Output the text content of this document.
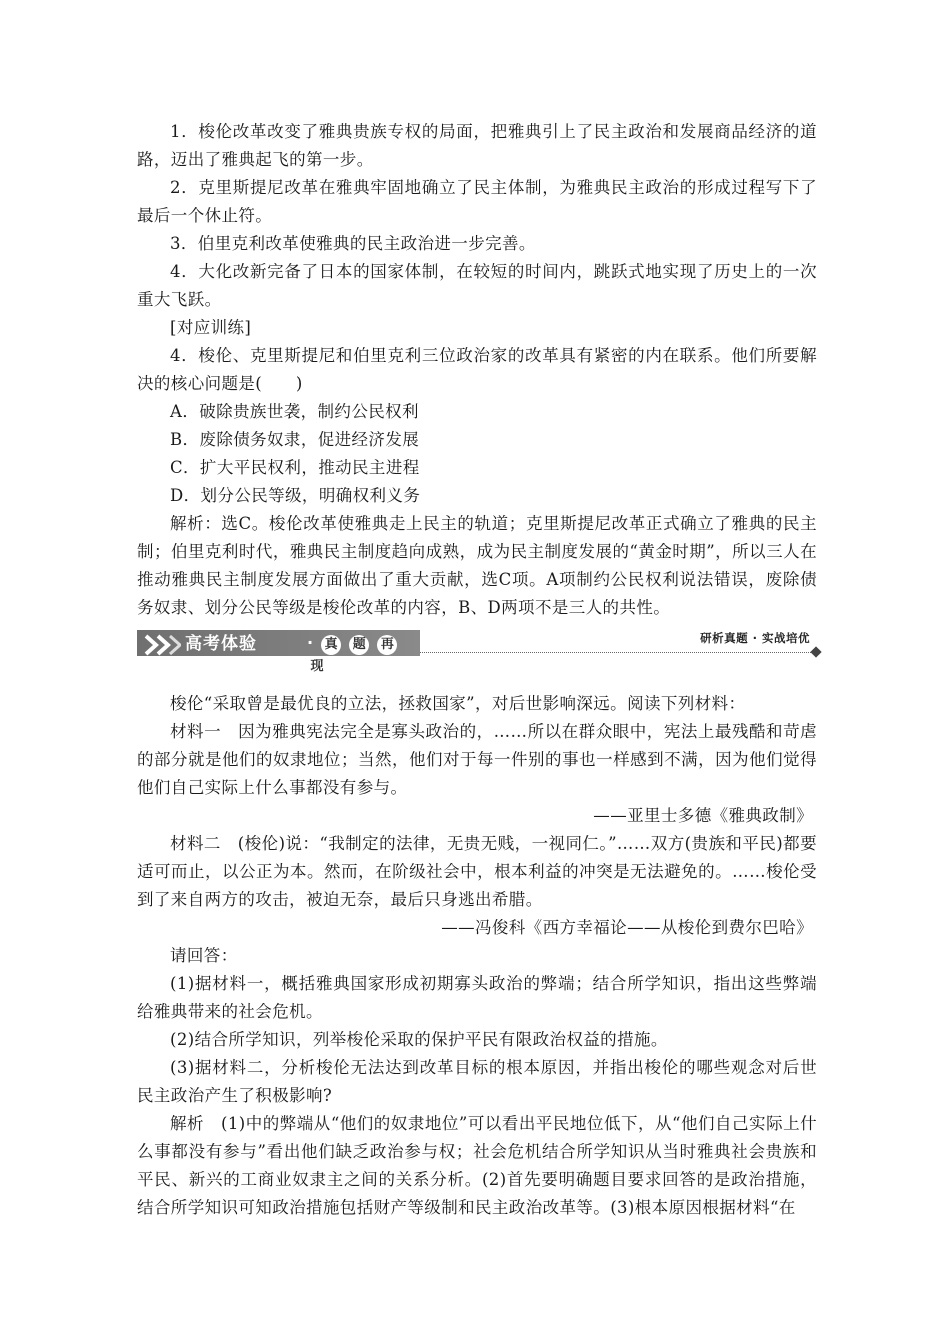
1．梭伦改革改变了雅典贵族专权的局面，把雅典引上了民主政治和发展商品经济的道路，迈出了雅典起飞的第一步。

2．克里斯提尼改革在雅典牢固地确立了民主体制，为雅典民主政治的形成过程写下了最后一个休止符。

3．伯里克利改革使雅典的民主政治进一步完善。

4．大化改新完备了日本的国家体制，在较短的时间内，跳跃式地实现了历史上的一次重大飞跃。

[对应训练]

4．梭伦、克里斯提尼和伯里克利三位政治家的改革具有紧密的内在联系。他们所要解决的核心问题是(　　)

A．破除贵族世袭，制约公民权利

B．废除债务奴隶，促进经济发展

C．扩大平民权利，推动民主进程

D．划分公民等级，明确权利义务

解析：选C。梭伦改革使雅典走上民主的轨道；克里斯提尼改革正式确立了雅典的民主制；伯里克利时代，雅典民主制度趋向成熟，成为民主制度发展的“黄金时期”，所以三人在推动雅典民主制度发展方面做出了重大贡献，选C项。A项制约公民权利说法错误，废除债务奴隶、划分公民等级是梭伦改革的内容，B、D两项不是三人的共性。

高考体验	· 真 题 再 现
研析真题 · 实战培优

梭伦“采取曾是最优良的立法，拯救国家”，对后世影响深远。阅读下列材料：

材料一　因为雅典宪法完全是寡头政治的，……所以在群众眼中，宪法上最残酷和苛虐的部分就是他们的奴隶地位；当然，他们对于每一件别的事也一样感到不满，因为他们觉得他们自己实际上什么事都没有参与。

——亚里士多德《雅典政制》

材料二　(梭伦)说：“我制定的法律，无贵无贱，一视同仁。”……双方(贵族和平民)都要适可而止，以公正为本。然而，在阶级社会中，根本利益的冲突是无法避免的。……梭伦受到了来自两方的攻击，被迫无奈，最后只身逃出希腊。

——冯俊科《西方幸福论——从梭伦到费尔巴哈》

请回答：

(1)据材料一，概括雅典国家形成初期寡头政治的弊端；结合所学知识，指出这些弊端给雅典带来的社会危机。

(2)结合所学知识，列举梭伦采取的保护平民有限政治权益的措施。

(3)据材料二，分析梭伦无法达到改革目标的根本原因，并指出梭伦的哪些观念对后世民主政治产生了积极影响?

解析　(1)中的弊端从“他们的奴隶地位”可以看出平民地位低下，从“他们自己实际上什么事都没有参与”看出他们缺乏政治参与权；社会危机结合所学知识从当时雅典社会贵族和平民、新兴的工商业奴隶主之间的关系分析。(2)首先要明确题目要求回答的是政治措施，结合所学知识可知政治措施包括财产等级制和民主政治改革等。(3)根本原因根据材料“在
